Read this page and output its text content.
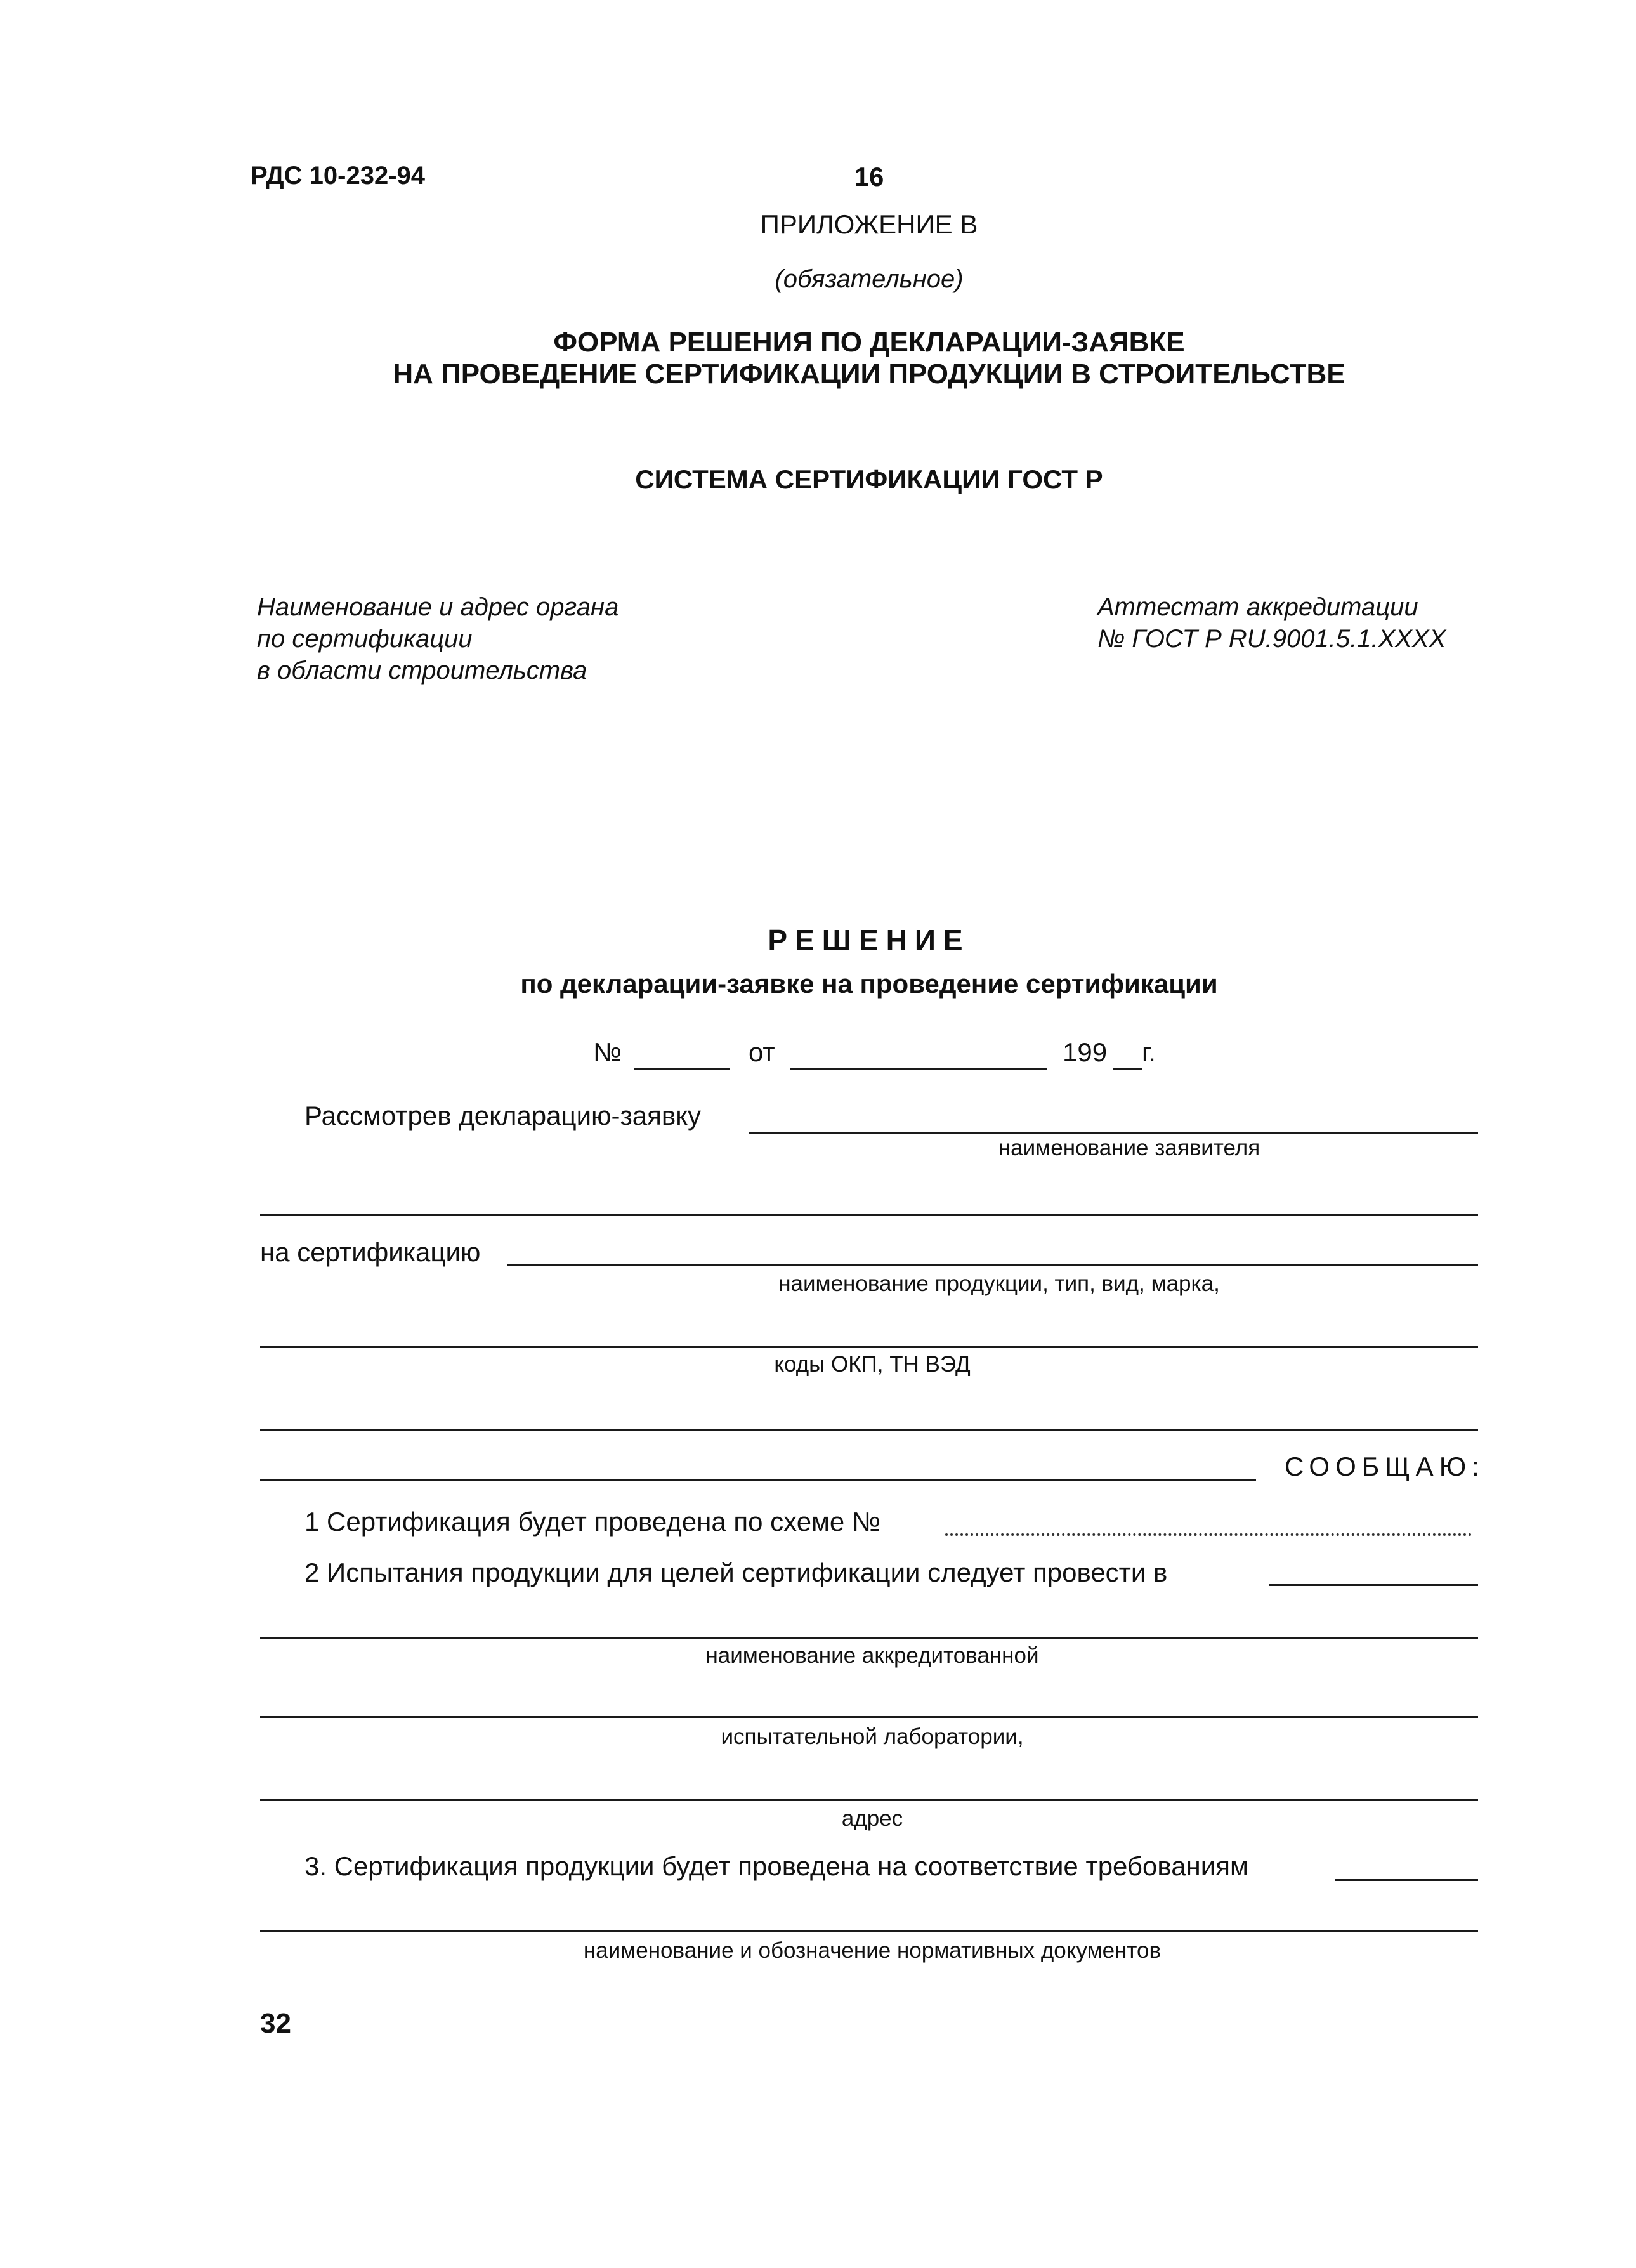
РДС 10-232-94	16
ПРИЛОЖЕНИЕ В
(обязательное)
ФОРМА РЕШЕНИЯ ПО ДЕКЛАРАЦИИ-ЗАЯВКЕ
НА ПРОВЕДЕНИЕ СЕРТИФИКАЦИИ ПРОДУКЦИИ В СТРОИТЕЛЬСТВЕ
СИСТЕМА СЕРТИФИКАЦИИ ГОСТ Р
Наименование и адрес органа
по сертификации
в области строительства
Аттестат аккредитации
№ ГОСТ Р RU.9001.5.1.XXXX
РЕШЕНИЕ
по декларации-заявке на проведение сертификации
№	от	199 г.
Рассмотрев декларацию-заявку
наименование заявителя
на сертификацию
наименование продукции, тип, вид, марка,
коды ОКП, ТН ВЭД
СООБЩАЮ:
1 Сертификация будет проведена по схеме №
2 Испытания продукции для целей сертификации следует провести в
наименование аккредитованной
испытательной лаборатории,
адрес
3. Сертификация продукции будет проведена на соответствие требованиям
наименование и обозначение нормативных документов
32
